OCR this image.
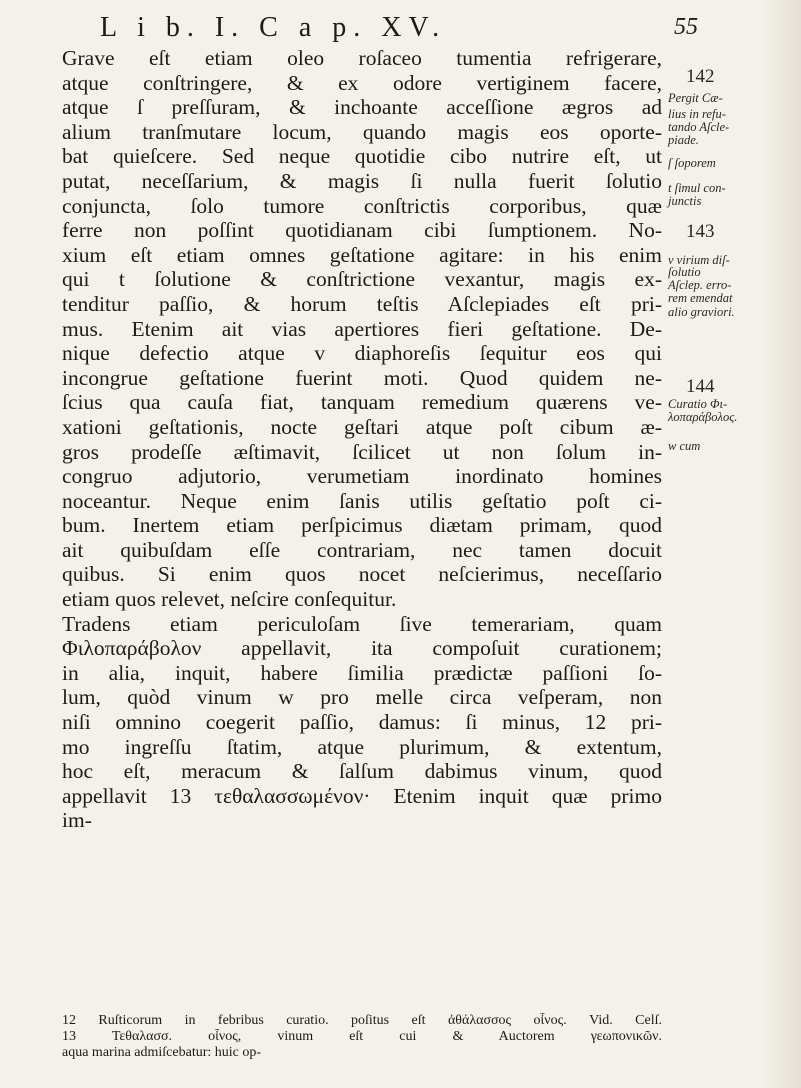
L i b. I. C a p. XV.	55
Grave eſt etiam oleo roſaceo tumentia refrigerare,
atque conſtringere, & ex odore vertiginem facere,
atque ſ preſſuram, & inchoante acceſſione ægros ad
alium tranſmutare locum, quando magis eos oporte-
bat quieſcere. Sed neque quotidie cibo nutrire eſt, ut
putat, neceſſarium, & magis ſi nulla fuerit ſolutio
conjuncta, ſolo tumore conſtrictis corporibus, quæ
ferre non poſſint quotidianam cibi ſumptionem. No-
xium eſt etiam omnes geſtatione agitare: in his enim
qui t ſolutione & conſtrictione vexantur, magis ex-
tenditur paſſio, & horum teſtis Aſclepiades eſt pri-
mus. Etenim ait vias apertiores fieri geſtatione. De-
nique defectio atque v diaphoreſis ſequitur eos qui
incongrue geſtatione fuerint moti. Quod quidem ne-
ſcius qua cauſa fiat, tanquam remedium quærens ve-
xationi geſtationis, nocte geſtari atque poſt cibum æ-
gros prodeſſe æſtimavit, ſcilicet ut non ſolum in-
congruo adjutorio, verumetiam inordinato homines
noceantur. Neque enim ſanis utilis geſtatio poſt ci-
bum. Inertem etiam perſpicimus diætam primam, quod
ait quibuſdam eſſe contrariam, nec tamen docuit
quibus. Si enim quos nocet neſcierimus, neceſſario
etiam quos relevet, neſcire conſequitur.
Tradens etiam periculoſam ſive temerariam, quam
Φιλοπαράβολον appellavit, ita compoſuit curationem;
in alia, inquit, habere ſimilia prædictæ paſſioni ſo-
lum, quòd vinum w pro melle circa veſperam, non
niſi omnino coegerit paſſio, damus: ſi minus, 12 pri-
mo ingreſſu ſtatim, atque plurimum, & extentum,
hoc eſt, meracum & ſalſum dabimus vinum, quod
appellavit 13 τεθαλασσωμένον· Etenim inquit quæ primo
im-
142
Pergit Cæ-
lius in refu-
tando Aſcle-
piade.
ſ ſoporem
t ſimul con-
junctis
143
v virium diſ-
ſolutio
Aſclep. erro-
rem emendat
alio graviori.
144
Curatio Φι-
λοπαράβολος.
w cum
12 Ruſticorum in febribus curatio. poſitus eſt ἀθάλασσος οἶνος. Vid. Celſ.
13 Τεθαλασσ. οἶνος, vinum eſt cui & Auctorem γεωπονικῶν.
aqua marina admiſcebatur: huic op-
